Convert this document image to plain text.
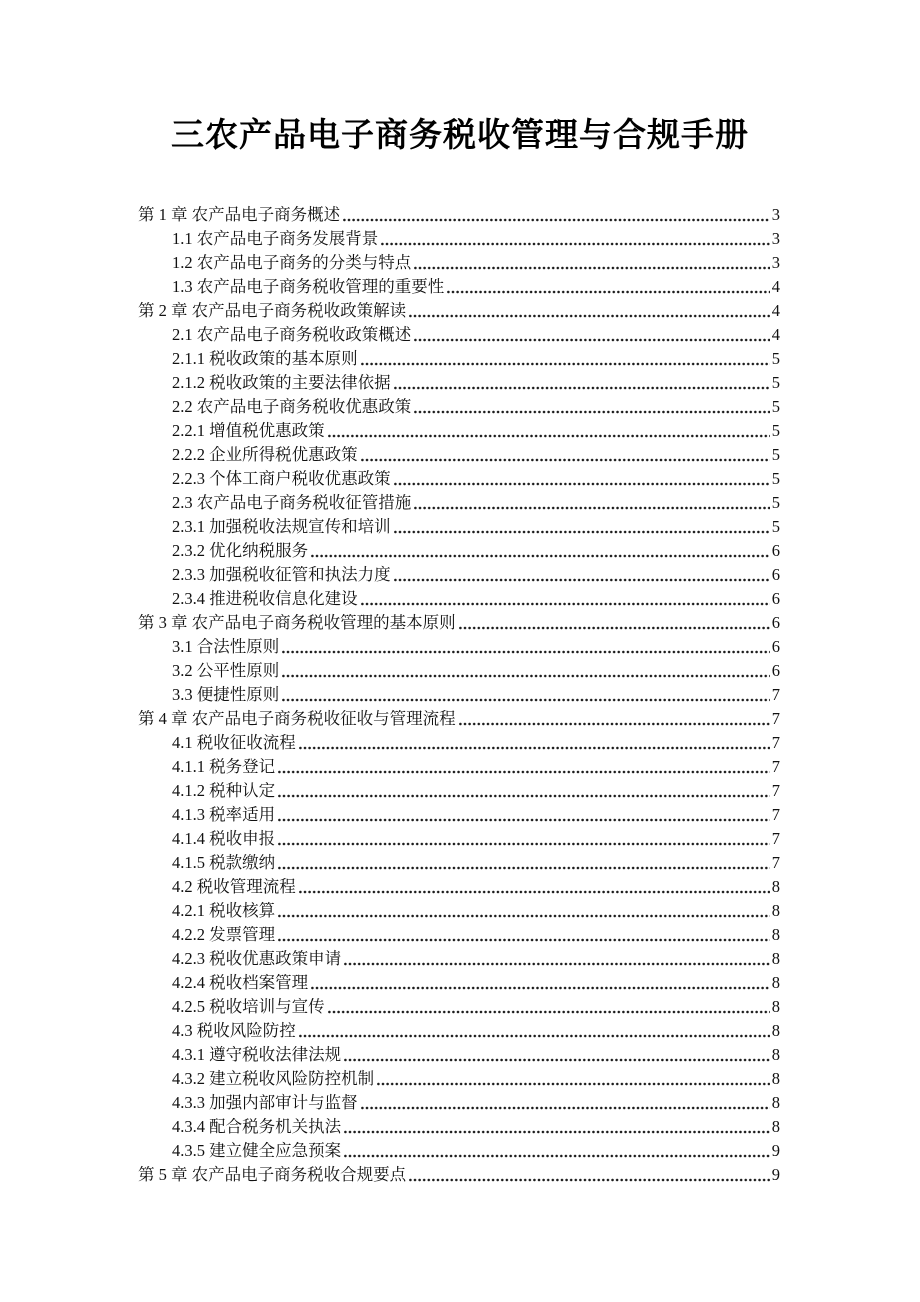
三农产品电子商务税收管理与合规手册
第 1 章 农产品电子商务概述	3
1.1 农产品电子商务发展背景	3
1.2 农产品电子商务的分类与特点	3
1.3 农产品电子商务税收管理的重要性	4
第 2 章 农产品电子商务税收政策解读	4
2.1 农产品电子商务税收政策概述	4
2.1.1 税收政策的基本原则	5
2.1.2 税收政策的主要法律依据	5
2.2 农产品电子商务税收优惠政策	5
2.2.1 增值税优惠政策	5
2.2.2 企业所得税优惠政策	5
2.2.3 个体工商户税收优惠政策	5
2.3 农产品电子商务税收征管措施	5
2.3.1 加强税收法规宣传和培训	5
2.3.2 优化纳税服务	6
2.3.3 加强税收征管和执法力度	6
2.3.4 推进税收信息化建设	6
第 3 章 农产品电子商务税收管理的基本原则	6
3.1 合法性原则	6
3.2 公平性原则	6
3.3 便捷性原则	7
第 4 章 农产品电子商务税收征收与管理流程	7
4.1 税收征收流程	7
4.1.1 税务登记	7
4.1.2 税种认定	7
4.1.3 税率适用	7
4.1.4 税收申报	7
4.1.5 税款缴纳	7
4.2 税收管理流程	8
4.2.1 税收核算	8
4.2.2 发票管理	8
4.2.3 税收优惠政策申请	8
4.2.4 税收档案管理	8
4.2.5 税收培训与宣传	8
4.3 税收风险防控	8
4.3.1 遵守税收法律法规	8
4.3.2 建立税收风险防控机制	8
4.3.3 加强内部审计与监督	8
4.3.4 配合税务机关执法	8
4.3.5 建立健全应急预案	9
第 5 章 农产品电子商务税收合规要点	9
